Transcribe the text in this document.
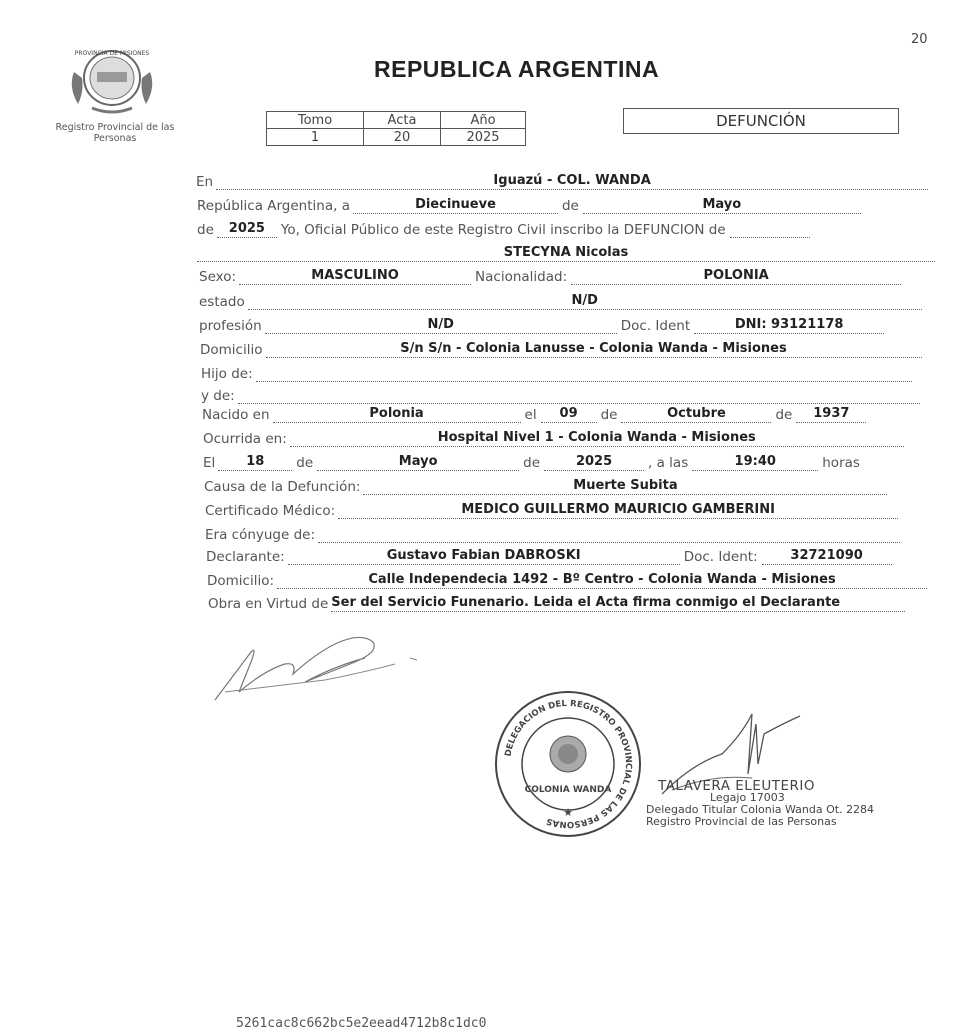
20
PROVINCIA DE MISIONES
Registro Provincial de las Personas
REPUBLICA ARGENTINA
Tomo	Acta	Año
1	20	2025
DEFUNCIÓN
En	Iguazú - COL. WANDA
República Argentina, a	Diecinueve	de	Mayo
de	2025	Yo, Oficial Público de este Registro Civil inscribo la DEFUNCION de
STECYNA Nicolas
Sexo:	MASCULINO	Nacionalidad:	POLONIA
estado	N/D
profesión	N/D	Doc. Ident	DNI: 93121178
Domicilio	S/n S/n - Colonia Lanusse - Colonia Wanda - Misiones
Hijo de:
y de:
Nacido en	Polonia	el	09	de	Octubre	de	1937
Ocurrida en:	Hospital Nivel 1 - Colonia Wanda - Misiones
El	18	de	Mayo	de	2025	, a las	19:40	horas
Causa de la Defunción:	Muerte Subita
Certificado Médico:	MEDICO GUILLERMO MAURICIO GAMBERINI
Era cónyuge de:
Declarante:	Gustavo Fabian DABROSKI	Doc. Ident:	32721090
Domicilio:	Calle Independecia 1492 - Bº Centro - Colonia Wanda - Misiones
Obra en Virtud de Ser del Servicio Funenario. Leida el Acta firma conmigo el Declarante
DELEGACION DEL REGISTRO PROVINCIAL DE LAS PERSONAS
COLONIA WANDA
★
TALAVERA ELEUTERIO
Legajo 17003
Delegado Titular Colonia Wanda Ot. 2284
Registro Provincial de las Personas
5261cac8c662bc5e2eead4712b8c1dc0
